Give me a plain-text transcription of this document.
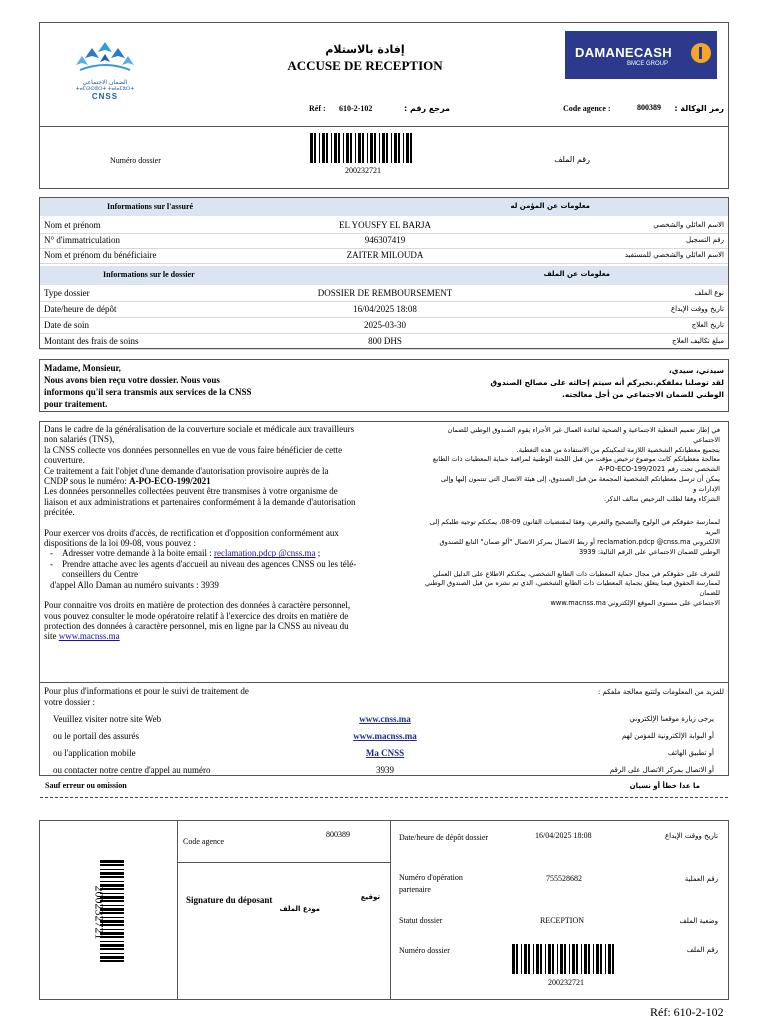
الضمان الاجتماعي
ⵜⴰⵎⵙⵙⵓⵔⵜ ⵜⴰⵏⴰⵎⵓⵔⵜ
CNSS
إفادة بالاستلام
ACCUSE DE RECEPTION
Réf : 610-2-102	مرجع رقم :
DAMANECASH
BMCE GROUP
Code agence :	800389	رمز الوكالة :
Numéro dossier
200232721
رقم الملف
Informations sur l'assuré	معلومات عن المؤمن له
Nom et prénom	EL YOUSFY EL BARJA	الاسم العائلي والشخصي
N° d'immatriculation	946307419	رقم التسجيل
Nom et prénom du bénéficiaire	ZAITER MILOUDA	الاسم العائلي والشخصي للمستفيد
Informations sur le dossier	معلومات عن الملف
Type dossier	DOSSIER DE REMBOURSEMENT	نوع الملف
Date/heure de dépôt	16/04/2025 18:08	تاريخ ووقت الإيداع
Date de soin	2025-03-30	تاريخ العلاج
Montant des frais de soins	800 DHS	مبلغ تكاليف العلاج
Madame, Monsieur,
Nous avons bien reçu votre dossier. Nous vous
informons qu'il sera transmis aux services de la CNSS
pour traitement.
سيدتي، سيدي،
لقد توصلنا بملفكم.نخبركم أنه سيتم إحالته على مصالح الصندوق
الوطني للضمان الاجتماعي من أجل معالجته.
Dans le cadre de la généralisation de la couverture sociale et médicale aux travailleurs
non salariés (TNS),
la CNSS collecte vos données personnelles en vue de vous faire bénéficier de cette
couverture.
Ce traitement a fait l'objet d'une demande d'autorisation provisoire auprès de la
CNDP sous le numéro: A-PO-ECO-199/2021
Les données personnelles collectées peuvent être transmises à votre organisme de
liaison et aux administrations et partenaires conformément à la demande d'autorisation
précitée.
Pour exercer vos droits d'accès, de rectification et d'opposition conformément aux
dispositions de la loi 09-08, vous pouvez :
-    Adresser votre demande à la boite email : reclamation.pdcp @cnss.ma ;
-    Prendre attache avec les agents d'accueil au niveau des agences CNSS ou les télé-
conseillers du Centre
d'appel Allo Daman au numéro suivants : 3939
Pour connaitre vos droits en matière de protection des données à caractère personnel,
vous pouvez consulter le mode opératoire relatif à l'exercice des droits en matière de
protection des données à caractère personnel, mis en ligne par la CNSS au niveau du
site www.macnss.ma
في إطار تعميم التغطية الاجتماعية و الصحية لفائدة العمال غير الأجراء يقوم الصندوق الوطني للضمان
الاجتماعي
بتجميع معطياتكم الشخصية اللازمة لتمكينكم من الاستفادة من هذه التغطية.
معالجة معطياتكم كانت موضوع ترخيص مؤقت من قبل اللجنة الوطنية لمراقبة حماية المعطيات ذات الطابع
الشخصي تحت رقم A-PO-ECO-199/2021
يمكن أن ترسل معطياتكم الشخصية المجمعة من قبل الصندوق، إلى هيئة الاتصال التي تنتمون إليها وإلى
الإدارات و
الشركاء وفقا لطلب الترخيص سالف الذكر.
لممارسة حقوقكم في الولوج والتصحيح والتعرض، وفقا لمقتضيات القانون 09-08، يمكنكم توجيه طلبكم إلى
البريد
الالكتروني reclamation.pdcp @cnss.ma أو ربط الاتصال بمركز الاتصال "ألو ضمان" التابع للصندوق
الوطني للضمان الاجتماعي على الرقم التالية: 3939
للتعرف على حقوقكم في مجال حماية المعطيات ذات الطابع الشخصي، يمكنكم الاطلاع على الدليل العملي
لممارسة الحقوق فيما يتعلق بحماية المعطيات ذات الطابع الشخصي، الذي تم نشره من قبل الصندوق الوطني
للضمان
الاجتماعي على مستوى الموقع الإلكتروني www.macnss.ma
Pour plus d'informations et pour le suivi de traitement de
votre dossier :
للمزيد من المعلومات ولتتبع معالجة ملفكم :
Veuillez visiter notre site Web	www.cnss.ma	يرجى زيارة موقعنا الإلكتروني
ou le portail des assurés	www.macnss.ma	أو البوابة الإلكترونية للمؤمن لهم
ou l'application mobile	Ma CNSS	أو تطبيق الهاتف
ou contacter notre centre d'appel au numéro	3939	أو الاتصال بمركز الاتصال على الرقم
Sauf erreur ou omission	ما عدا خطأ أو نسيان
200232721
Code agence
800389
Signature du déposant	توقيع
مودع الملف
Date/heure de dépôt dossier	16/04/2025 18:08	تاريخ ووقت الإيداع
Numéro d'opération partenaire
755528682	رقم العملية
Statut dossier	RECEPTION	وضعية الملف
Numéro dossier
200232721
رقم الملف
Réf: 610-2-102
